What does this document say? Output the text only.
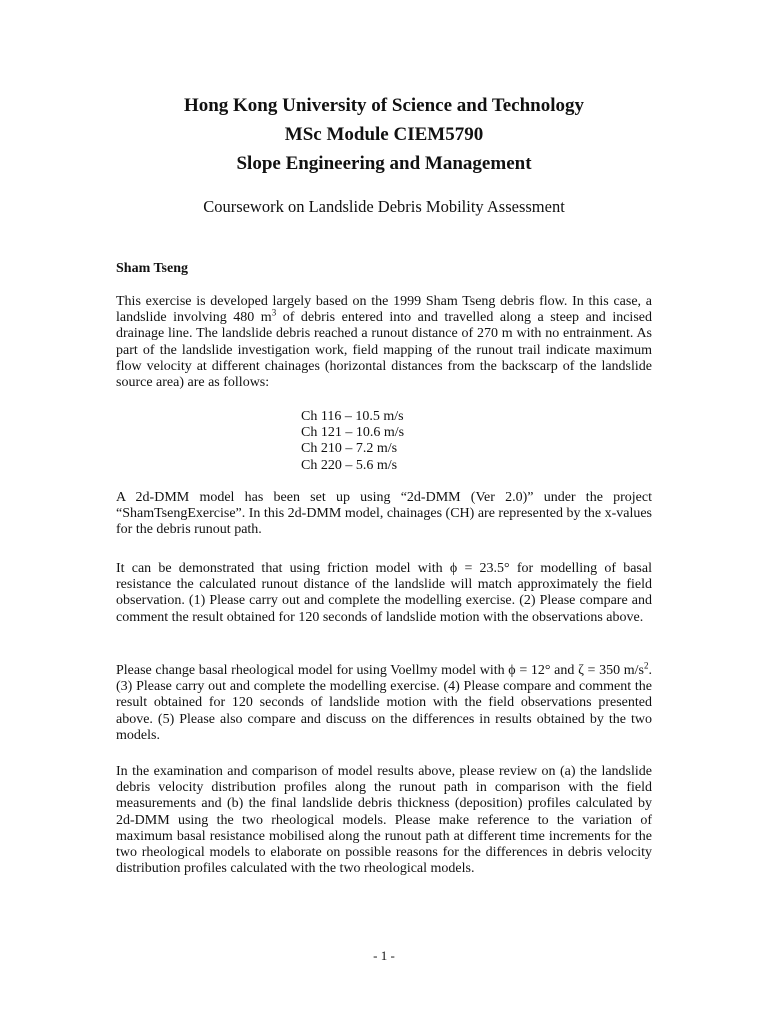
Hong Kong University of Science and Technology
MSc Module CIEM5790
Slope Engineering and Management
Coursework on Landslide Debris Mobility Assessment
Sham Tseng

This exercise is developed largely based on the 1999 Sham Tseng debris flow. In this case, a landslide involving 480 $m^3$ of debris entered into and travelled along a steep and incised drainage line. The landslide debris reached a runout distance of 270 m with no entrainment. As part of the landslide investigation work, field mapping of the runout trail indicate maximum flow velocity at different chainages (horizontal distances from the backscarp of the landslide source area) are as follows:

Ch 116 – 10.5 m/s
Ch 121 – 10.6 m/s
Ch 210 – 7.2 m/s
Ch 220 – 5.6 m/s

A 2d-DMM model has been set up using “2d-DMM (Ver 2.0)” under the project “ShamTsengExercise”. In this 2d-DMM model, chainages (CH) are represented by the x-values for the debris runout path.

It can be demonstrated that using friction model with ϕ = 23.5° for modelling of basal resistance the calculated runout distance of the landslide will match approximately the field observation. (1) Please carry out and complete the modelling exercise. (2) Please compare and comment the result obtained for 120 seconds of landslide motion with the observations above.

Please change basal rheological model for using Voellmy model with ϕ = 12° and ζ = 350 $m/s^2$. (3) Please carry out and complete the modelling exercise. (4) Please compare and comment the result obtained for 120 seconds of landslide motion with the field observations presented above. (5) Please also compare and discuss on the differences in results obtained by the two models.

In the examination and comparison of model results above, please review on (a) the landslide debris velocity distribution profiles along the runout path in comparison with the field measurements and (b) the final landslide debris thickness (deposition) profiles calculated by 2d-DMM using the two rheological models. Please make reference to the variation of maximum basal resistance mobilised along the runout path at different time increments for the two rheological models to elaborate on possible reasons for the differences in debris velocity distribution profiles calculated with the two rheological models.

- 1 -
